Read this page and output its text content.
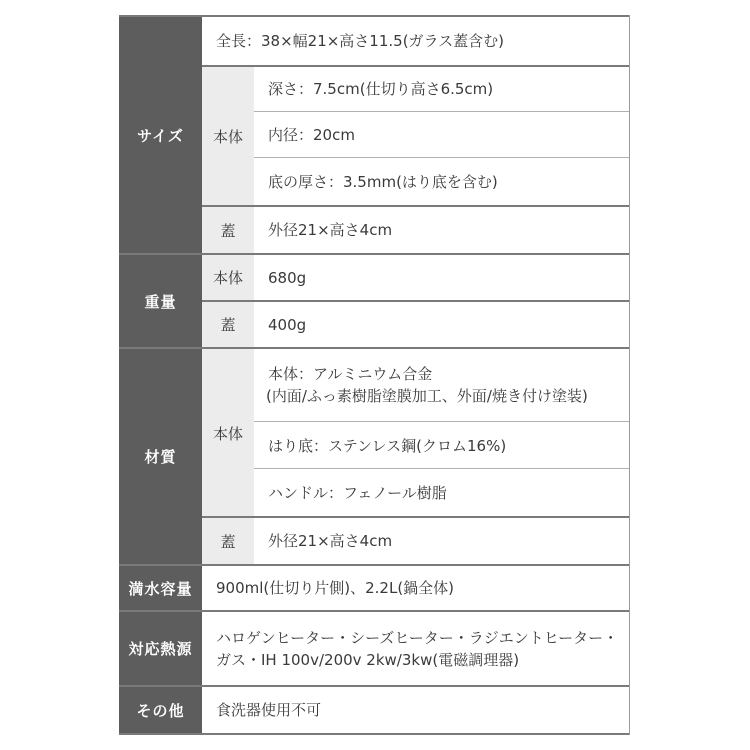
サイズ
全長：38×幅21×高さ11.5(ガラス蓋含む)
本体
深さ：7.5cm(仕切り高さ6.5cm)
内径：20cm
底の厚さ：3.5mm(はり底を含む)
蓋 外径21×高さ4cm
重量
本体 680g
蓋 400g
材質
本体
本体：アルミニウム合金
(内面/ふっ素樹脂塗膜加工、外面/焼き付け塗装)
はり底：ステンレス鋼(クロム16%)
ハンドル：フェノール樹脂
蓋 外径21×高さ4cm
満水容量	900ml(仕切り片側)、2.2L(鍋全体)
対応熱源
ハロゲンヒーター・シーズヒーター・ラジエントヒーター・
ガス・IH 100v/200v 2kw/3kw(電磁調理器)
その他	食洗器使用不可
